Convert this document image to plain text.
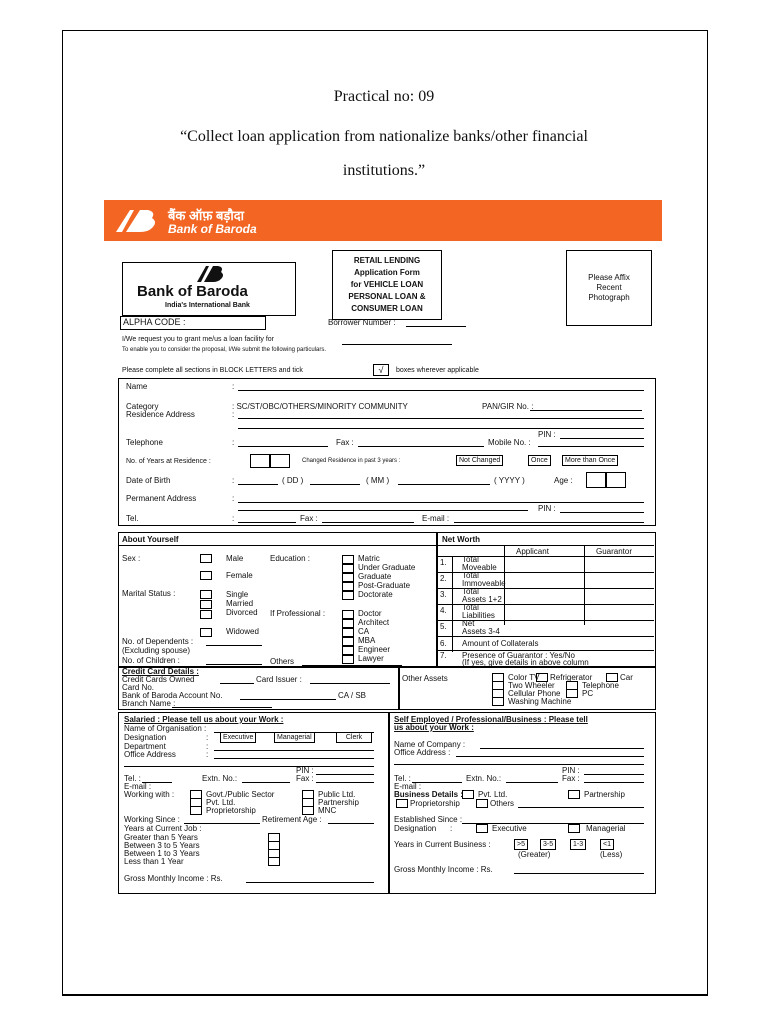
Practical no: 09
“Collect loan application from nationalize banks/other financial
institutions.”
बैंक ऑफ़ बड़ौदा
Bank of Baroda
Bank of Baroda
India's International Bank
RETAIL LENDING
Application Form
for VEHICLE LOAN
PERSONAL LOAN &
CONSUMER LOAN
Please Affix
Recent
Photograph
ALPHA CODE :	Borrower Number :
I/We request you to grant me/us a loan facility for
To enable you to consider the proposal, I/We submit the following particulars.
Please complete all sections in BLOCK LETTERS and tick	√	boxes wherever applicable
Name	:
Category	: SC/ST/OBC/OTHERS/MINORITY COMMUNITY	PAN/GIR No. :
Residence Address	:
PIN :
Telephone	:	Fax :	Mobile No. :
No. of Years at Residence :	Changed Residence in past 3 years :	Not Changed	Once	More than Once
Date of Birth	:	( DD )	( MM )	( YYYY )	Age :
Permanent Address	:
PIN :
Tel.	:	Fax :	E-mail :
About Yourself
Sex :	Male
Female
Marital Status :	Single
Married
Divorced
Widowed
No. of Dependents :
(Excluding spouse)
No. of Children :
Education :	Matric
Under Graduate
Graduate
Post-Graduate
Doctorate
If Professional :	Doctor
Architect
CA
MBA
Engineer
Lawyer
Others
Net Worth
Applicant	Guarantor
1. Total
Moveable
2. Total
Immoveable
3. Total
Assets 1+2
4. Total
Liabilities
5. Net
Assets 3-4
6. Amount of Collaterals
7. Presence of Guarantor : Yes/No
(If yes, give details in above column
Credit Card Details :
Credit Cards Owned	Card Issuer :
Card No.
Bank of Baroda Account No.	CA / SB
Branch Name :
Other Assets	Color TV Refrigerator	Car
Two Wheeler	Telephone
Cellular Phone	PC
Washing Machine
Salaried : Please tell us about your Work :
Name of Organisation :
Designation	:	Executive	Managerial	Clerk
Department	:
Office Address	:
PIN :
Tel. :	Extn. No.:	Fax :
E-mail :
Working with :	Govt./Public Sector	Public Ltd.
Pvt. Ltd.	Partnership
Proprietorship	MNC
Working Since :	Retirement Age :
Years at Current Job :
Greater than 5 Years
Between 3 to 5 Years
Between 1 to 3 Years
Less than 1 Year
Gross Monthly Income : Rs.
Self Employed / Professional/Business : Please tell
us about your Work :
Name of Company :
Office Address :
PIN :
Tel. :	Extn. No.:	Fax :
E-mail :
Business Details : Pvt. Ltd.	Partnership
Proprietorship	Others
Established Since :
Designation :	Executive	Managerial
Years in Current Business :	>5	3-5	1-3	<1
(Greater)	(Less)
Gross Monthly Income : Rs.
